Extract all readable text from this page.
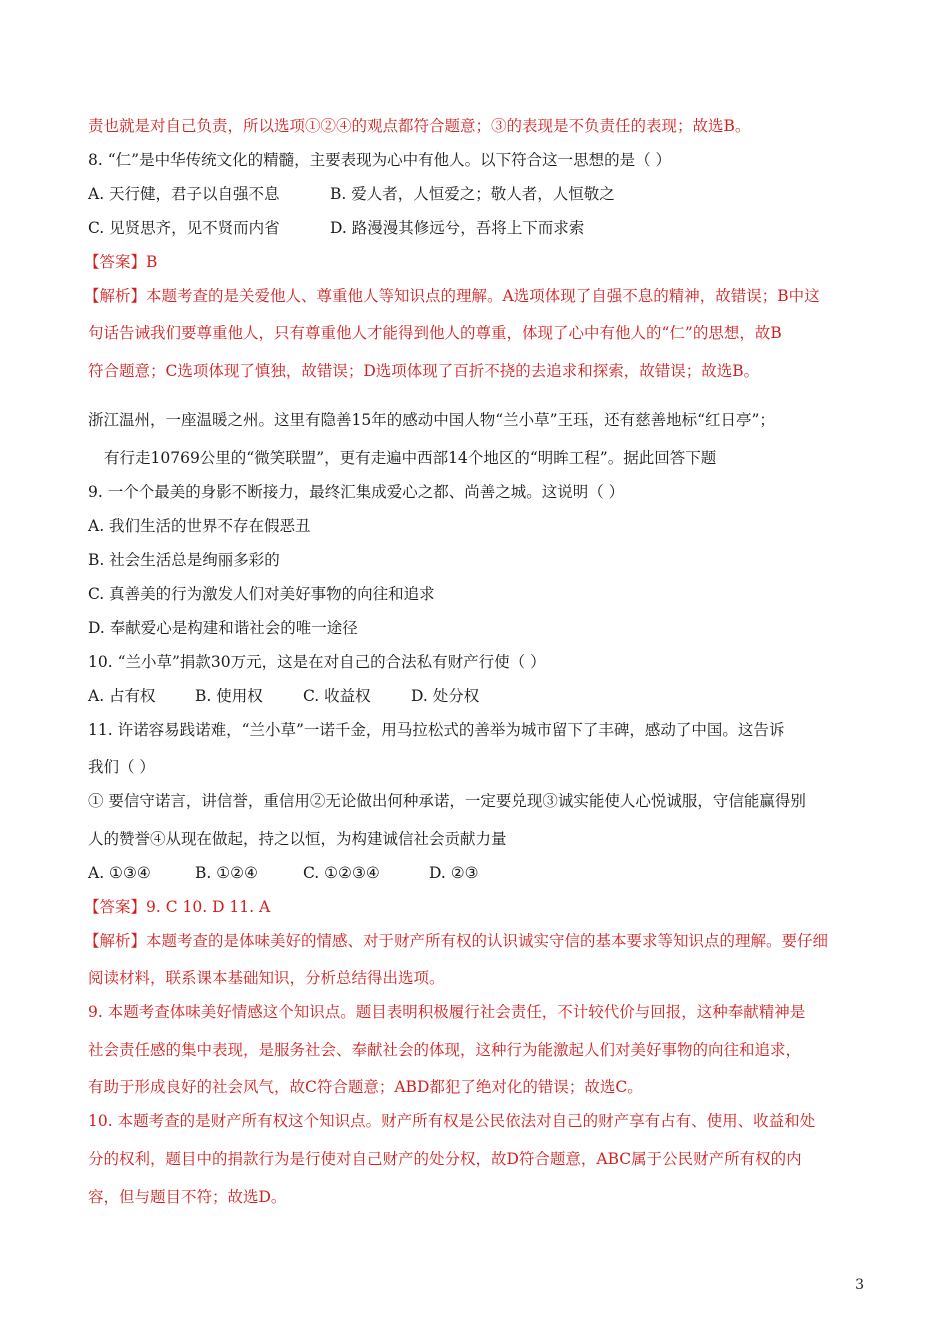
责也就是对自己负责，所以选项①②④的观点都符合题意；③的表现是不负责任的表现；故选B。
8. “仁”是中华传统文化的精髓，主要表现为心中有他人。以下符合这一思想的是（ ）
A. 天行健，君子以自强不息	B. 爱人者，人恒爱之；敬人者，人恒敬之
C. 见贤思齐，见不贤而内省	D. 路漫漫其修远兮，吾将上下而求索
【答案】B
【解析】本题考查的是关爱他人、尊重他人等知识点的理解。A选项体现了自强不息的精神，故错误；B中这
句话告诫我们要尊重他人，只有尊重他人才能得到他人的尊重，体现了心中有他人的“仁”的思想，故B
符合题意；C选项体现了慎独，故错误；D选项体现了百折不挠的去追求和探索，故错误；故选B。
浙江温州，一座温暖之州。这里有隐善15年的感动中国人物“兰小草”王珏，还有慈善地标“红日亭”；
有行走10769公里的“微笑联盟”，更有走遍中西部14个地区的“明眸工程”。据此回答下题
9. 一个个最美的身影不断接力，最终汇集成爱心之都、尚善之城。这说明（ ）
A. 我们生活的世界不存在假恶丑
B. 社会生活总是绚丽多彩的
C. 真善美的行为激发人们对美好事物的向往和追求
D. 奉献爱心是构建和谐社会的唯一途径
10. “兰小草”捐款30万元，这是在对自己的合法私有财产行使（ ）
A. 占有权	B. 使用权	C. 收益权	D. 处分权
11. 许诺容易践诺难，“兰小草”一诺千金，用马拉松式的善举为城市留下了丰碑，感动了中国。这告诉
我们（ ）
① 要信守诺言，讲信誉，重信用②无论做出何种承诺，一定要兑现③诚实能使人心悦诚服，守信能赢得别
人的赞誉④从现在做起，持之以恒，为构建诚信社会贡献力量
A. ①③④	B. ①②④	C. ①②③④	D. ②③
【答案】9. C 10. D 11. A
【解析】本题考查的是体味美好的情感、对于财产所有权的认识诚实守信的基本要求等知识点的理解。要仔细
阅读材料，联系课本基础知识，分析总结得出选项。
9. 本题考查体味美好情感这个知识点。题目表明积极履行社会责任，不计较代价与回报，这种奉献精神是
社会责任感的集中表现，是服务社会、奉献社会的体现，这种行为能激起人们对美好事物的向往和追求，
有助于形成良好的社会风气，故C符合题意；ABD都犯了绝对化的错误；故选C。
10. 本题考查的是财产所有权这个知识点。财产所有权是公民依法对自己的财产享有占有、使用、收益和处
分的权利，题目中的捐款行为是行使对自己财产的处分权，故D符合题意，ABC属于公民财产所有权的内
容，但与题目不符；故选D。
3
